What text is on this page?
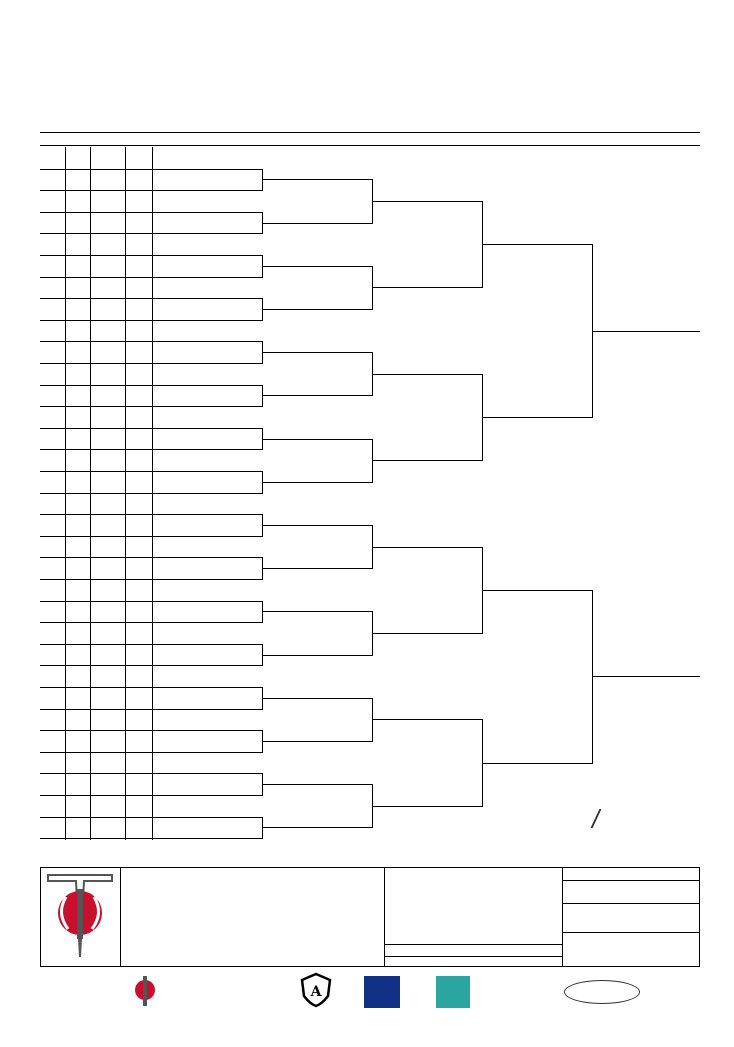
/
A
